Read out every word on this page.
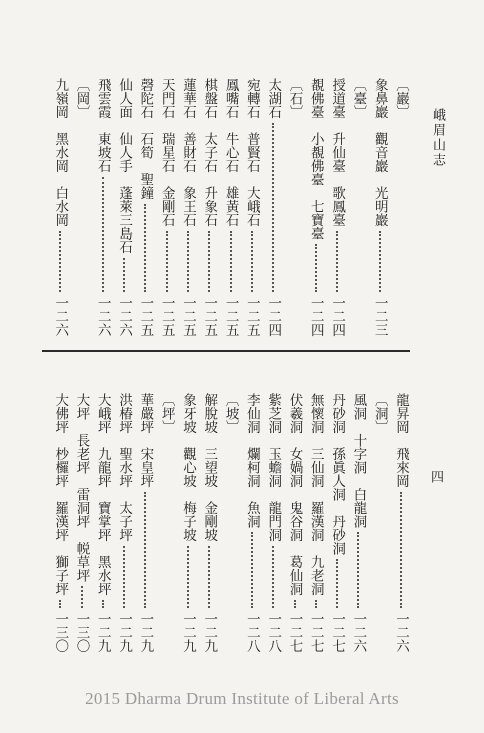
峨眉山志
四
〔巖〕
象鼻巖　觀音巖　光明巖
一二三
〔臺〕
授道臺　升仙臺　歌鳳臺
一二四
覩佛臺　小覩佛臺　七寶臺
一二四
〔石〕
太湖石
一二四
宛轉石　普賢石　大峨石
一二五
鳳嘴石　牛心石　雄黃石
一二五
棋盤石　太子石　升象石
一二五
蓮華石　善財石　象王石
一二五
天門石　瑞星石　金剛石
一二五
磬陀石　石筍　聖鐘
一二五
仙人面　仙人手　蓬萊三島石
一二六
飛雲霞　東坡石
一二六
〔岡〕
九嶺岡　黑水岡　白水岡
一二六
龍昇岡　飛來岡
一二六
〔洞〕
風洞　十字洞　白龍洞
一二六
丹砂洞　孫眞人洞　丹砂洞
一二七
無懷洞　三仙洞　羅漢洞　九老洞
一二七
伏羲洞　女媧洞　鬼谷洞　葛仙洞
一二七
紫芝洞　玉蟾洞　龍門洞
一二八
李仙洞　爛柯洞　魚洞
一二八
〔坡〕
解脫坡　三望坡　金剛坡
一二九
象牙坡　觀心坡　梅子坡
一二九
〔坪〕
華嚴坪　宋皇坪
一二九
洪椿坪　聖水坪　太子坪
一二九
大峨坪　九龍坪　寶掌坪　黑水坪
一二九
大坪　長老坪　雷洞坪　帨草坪
一三〇
大佛坪　杪欏坪　羅漢坪　獅子坪
一三〇
2015 Dharma Drum Institute of Liberal Arts
